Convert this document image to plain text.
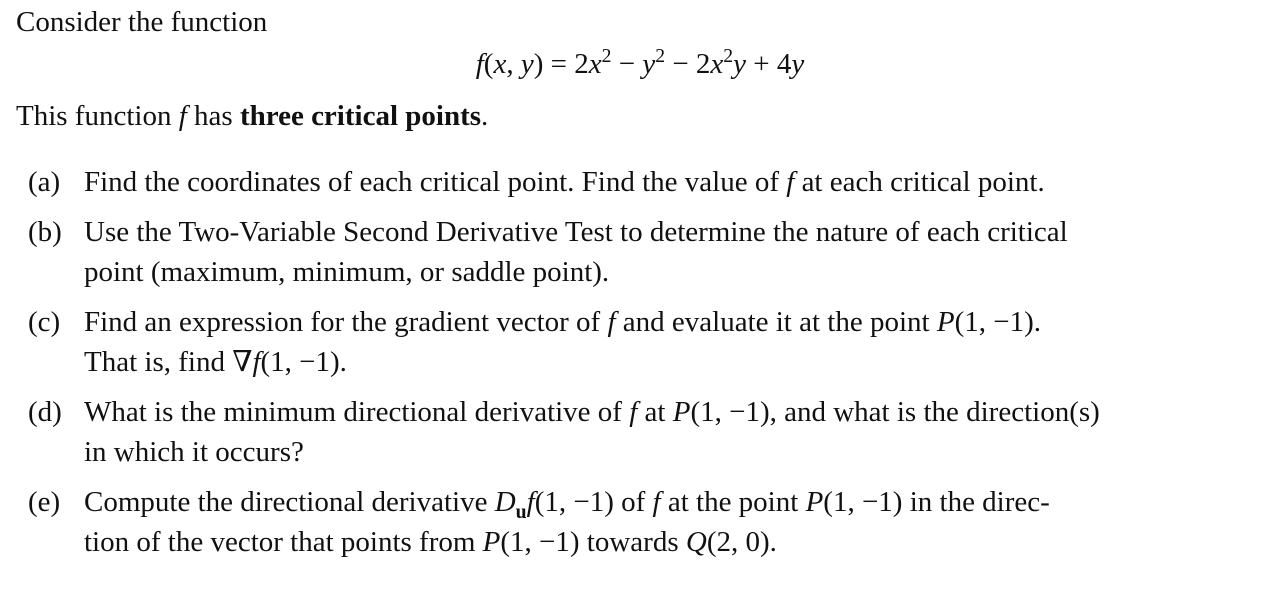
Consider the function
f(x, $y) = 2x^2 - y^2 - 2x^2y + 4y$
This function f has three critical points.
(a) Find the coordinates of each critical point. Find the value of f at each critical point.
(b) Use the Two-Variable Second Derivative Test to determine the nature of each critical
point (maximum, minimum, or saddle point).
(c) Find an expression for the gradient vector of f and evaluate it at the point P(1, −1).
That is, find ∇f(1, −1).
(d) What is the minimum directional derivative of f at P(1, −1), and what is the direction(s)
in which it occurs?
(e) Compute the directional derivative $D_uf(1$, −1) of f at the point P(1, −1) in the direc-
tion of the vector that points from P(1, −1) towards Q(2, 0).
